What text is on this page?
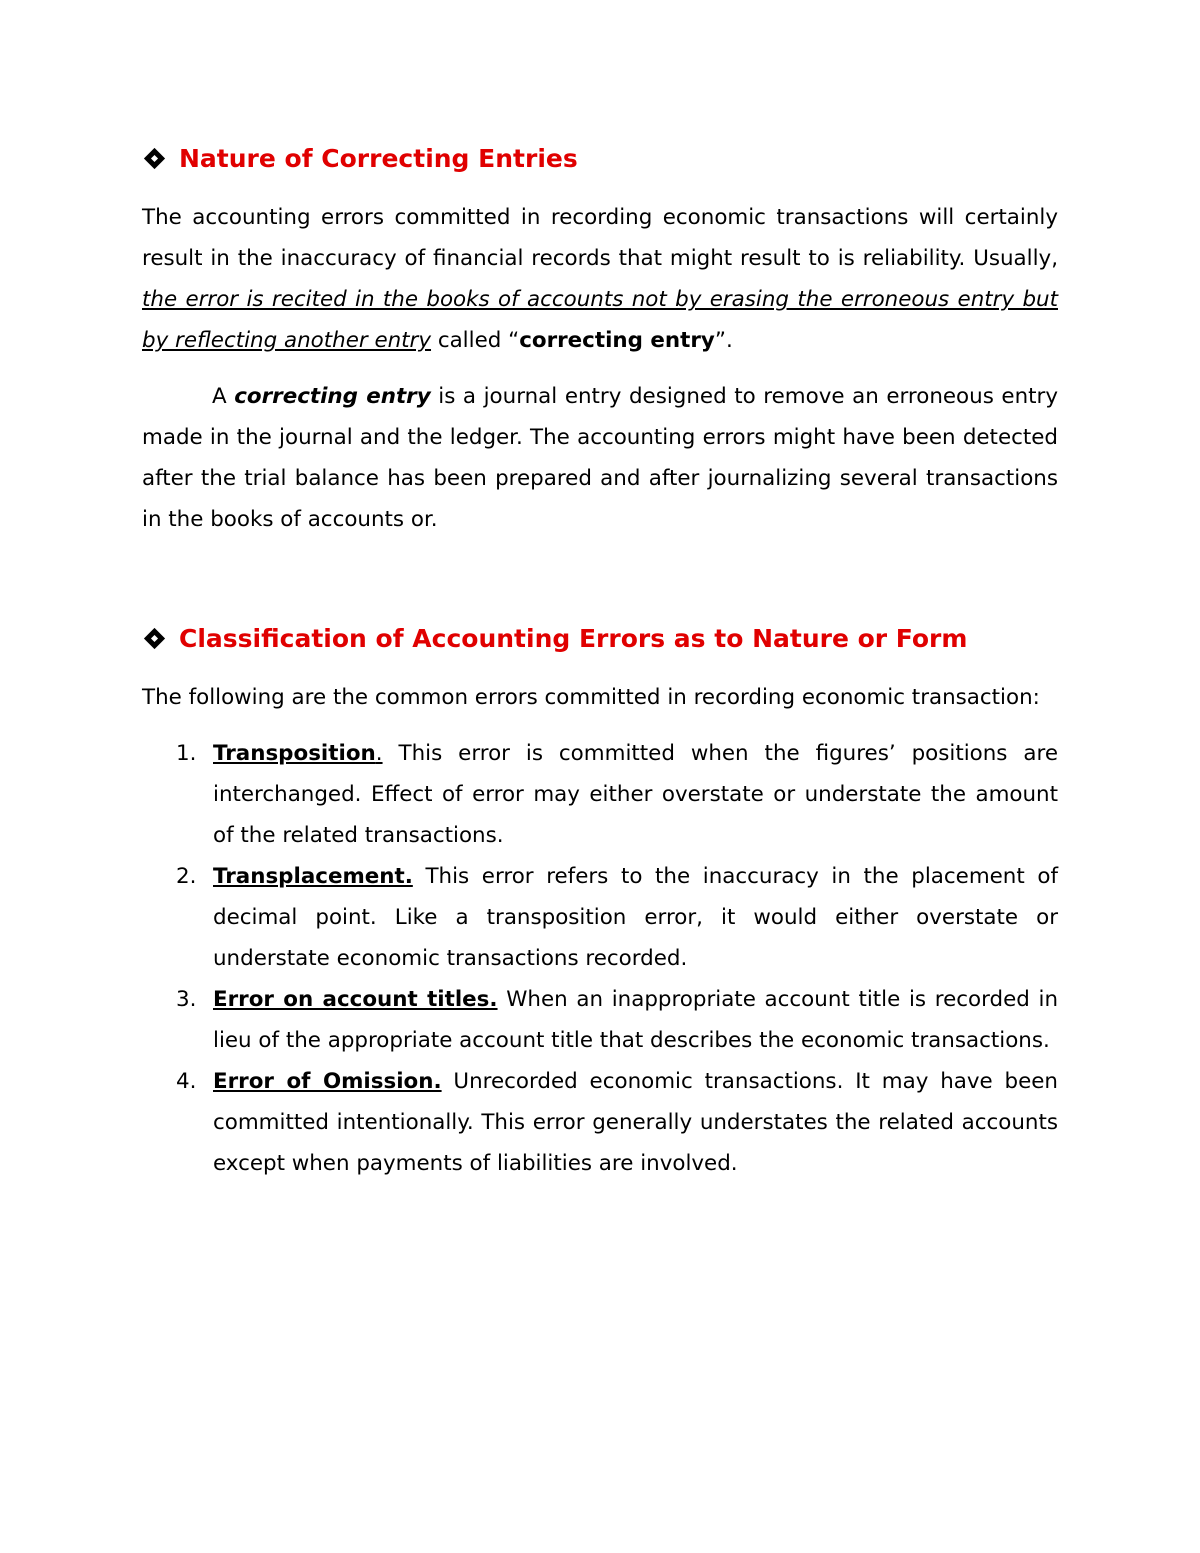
Nature of Correcting Entries

The accounting errors committed in recording economic transactions will certainly result in the inaccuracy of financial records that might result to is reliability. Usually, the error is recited in the books of accounts not by erasing the erroneous entry but by reflecting another entry called “correcting entry”.

A correcting entry is a journal entry designed to remove an erroneous entry made in the journal and the ledger. The accounting errors might have been detected after the trial balance has been prepared and after journalizing several transactions in the books of accounts or.

Classification of Accounting Errors as to Nature or Form

The following are the common errors committed in recording economic transaction:

1. Transposition. This error is committed when the figures’ positions are interchanged. Effect of error may either overstate or understate the amount of the related transactions.
2. Transplacement. This error refers to the inaccuracy in the placement of decimal point. Like a transposition error, it would either overstate or understate economic transactions recorded.
3. Error on account titles. When an inappropriate account title is recorded in lieu of the appropriate account title that describes the economic transactions.
4. Error of Omission. Unrecorded economic transactions. It may have been committed intentionally. This error generally understates the related accounts except when payments of liabilities are involved.
